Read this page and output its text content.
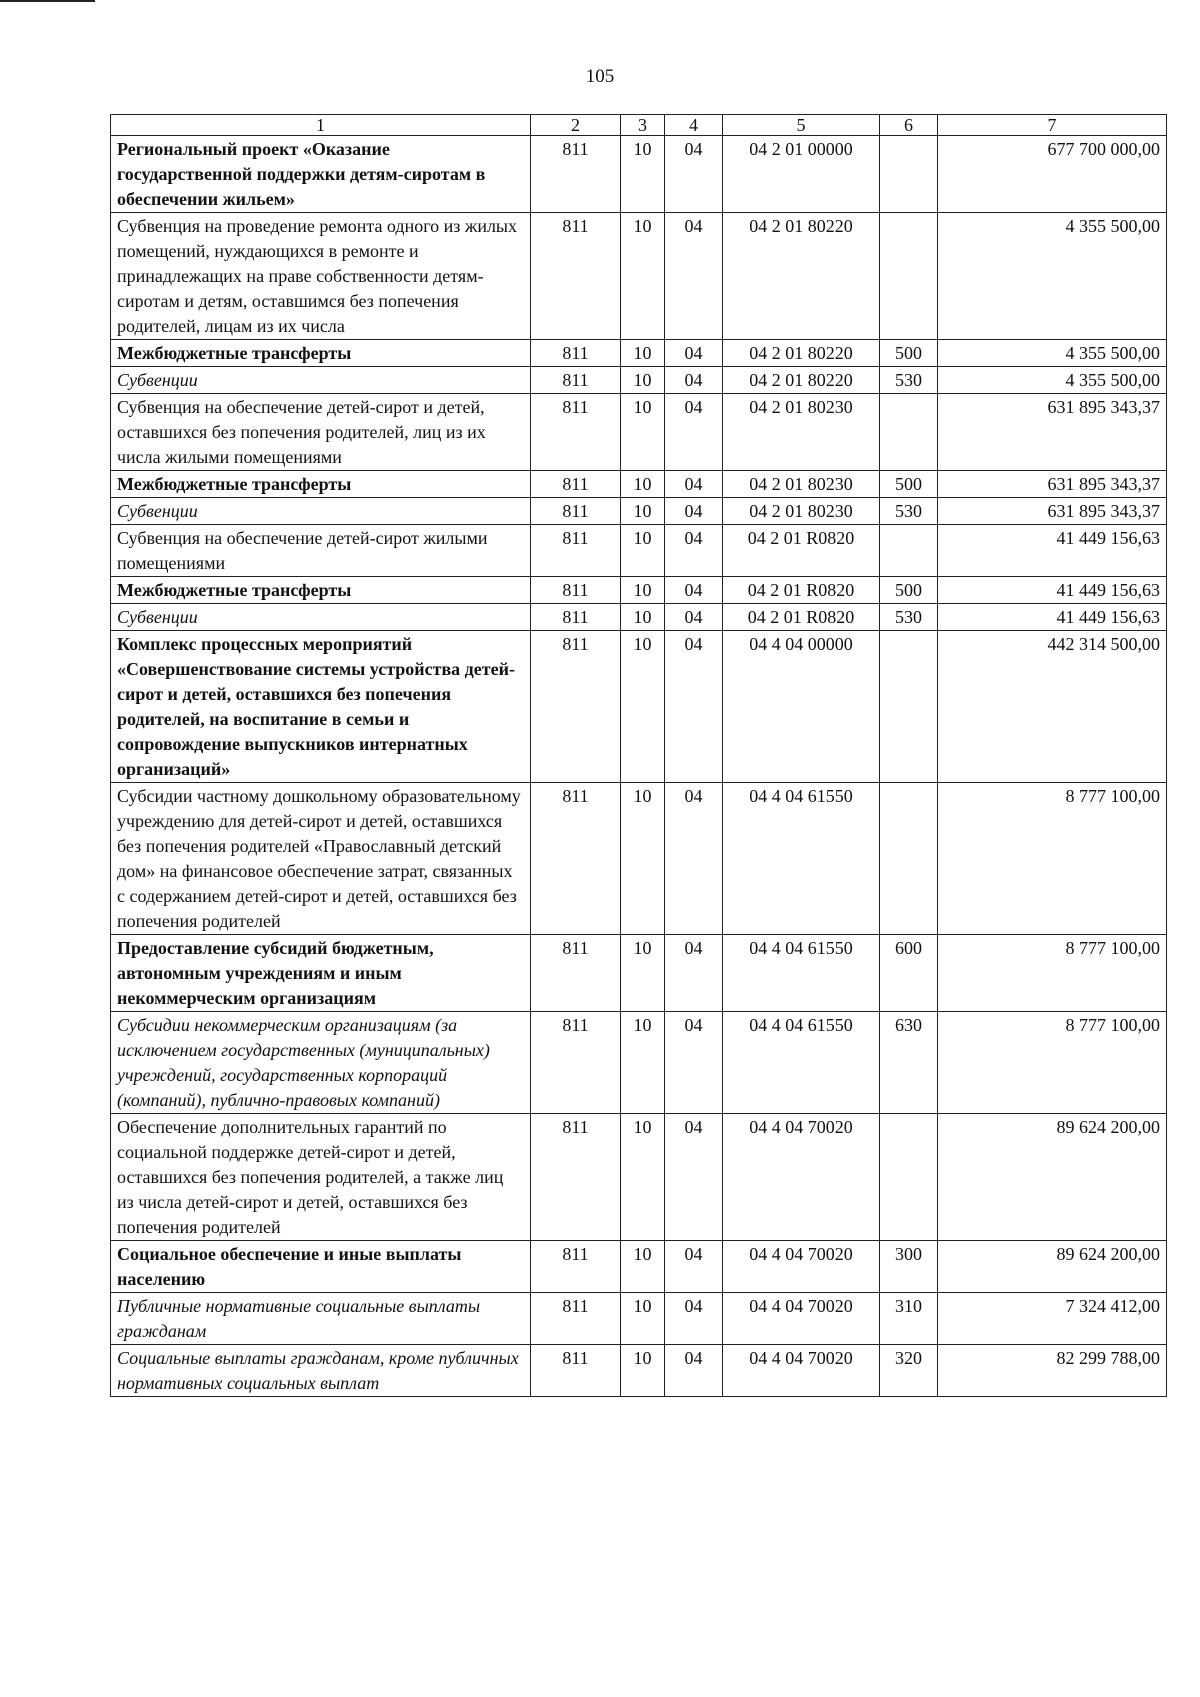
105
1	2	3	4	5	6	7
Региональный проект «Оказание государственной поддержки детям-сиротам в обеспечении жильем»	811	10	04	04 2 01 00000		677 700 000,00
Субвенция на проведение ремонта одного из жилых помещений, нуждающихся в ремонте и принадлежащих на праве собственности детям-сиротам и детям, оставшимся без попечения родителей, лицам из их числа	811	10	04	04 2 01 80220		4 355 500,00
Межбюджетные трансферты	811	10	04	04 2 01 80220	500	4 355 500,00
Субвенции	811	10	04	04 2 01 80220	530	4 355 500,00
Субвенция на обеспечение детей-сирот и детей, оставшихся без попечения родителей, лиц из их числа жилыми помещениями	811	10	04	04 2 01 80230		631 895 343,37
Межбюджетные трансферты	811	10	04	04 2 01 80230	500	631 895 343,37
Субвенции	811	10	04	04 2 01 80230	530	631 895 343,37
Субвенция на обеспечение детей-сирот жилыми помещениями	811	10	04	04 2 01 R0820		41 449 156,63
Межбюджетные трансферты	811	10	04	04 2 01 R0820	500	41 449 156,63
Субвенции	811	10	04	04 2 01 R0820	530	41 449 156,63
Комплекс процессных мероприятий «Совершенствование системы устройства детей-сирот и детей, оставшихся без попечения родителей, на воспитание в семьи и сопровождение выпускников интернатных организаций»	811	10	04	04 4 04 00000		442 314 500,00
Субсидии частному дошкольному образовательному учреждению для детей-сирот и детей, оставшихся без попечения родителей «Православный детский дом» на финансовое обеспечение затрат, связанных с содержанием детей-сирот и детей, оставшихся без попечения родителей	811	10	04	04 4 04 61550		8 777 100,00
Предоставление субсидий бюджетным, автономным учреждениям и иным некоммерческим организациям	811	10	04	04 4 04 61550	600	8 777 100,00
Субсидии некоммерческим организациям (за исключением государственных (муниципальных) учреждений, государственных корпораций (компаний), публично-правовых компаний)	811	10	04	04 4 04 61550	630	8 777 100,00
Обеспечение дополнительных гарантий по социальной поддержке детей-сирот и детей, оставшихся без попечения родителей, а также лиц из числа детей-сирот и детей, оставшихся без попечения родителей	811	10	04	04 4 04 70020		89 624 200,00
Социальное обеспечение и иные выплаты населению	811	10	04	04 4 04 70020	300	89 624 200,00
Публичные нормативные социальные выплаты гражданам	811	10	04	04 4 04 70020	310	7 324 412,00
Социальные выплаты гражданам, кроме публичных нормативных социальных выплат	811	10	04	04 4 04 70020	320	82 299 788,00
